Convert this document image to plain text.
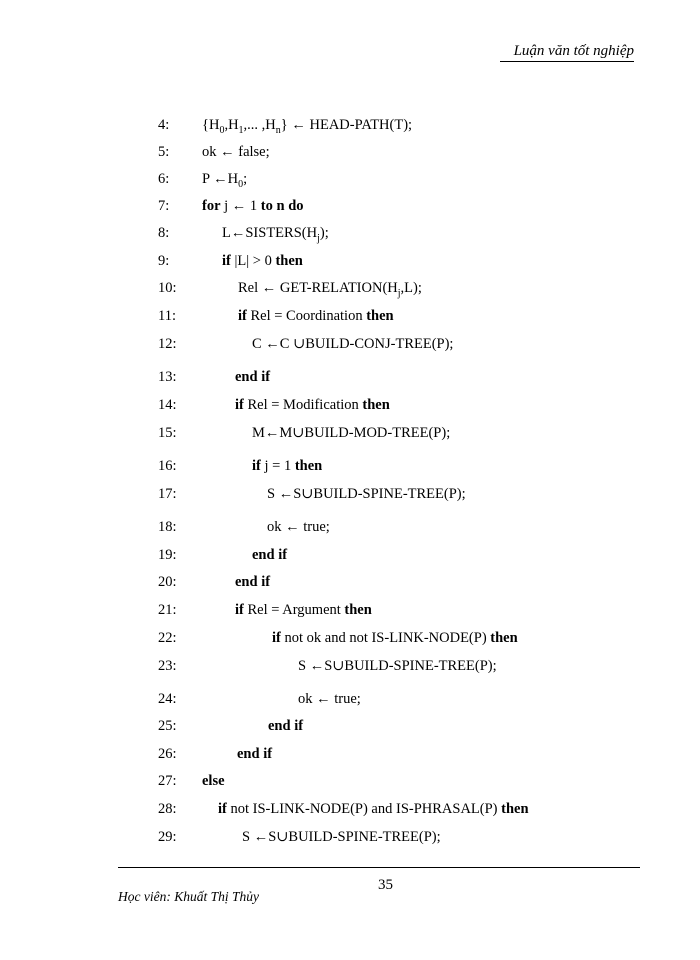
Luận văn tốt nghiệp
4: {$H_0,H_1$,... $,H_n$} ← HEAD-PATH(T);
5: ok ← false;
6: P $\leftarrow H_0$;
7: for j ← 1 to n do
8:	$L\leftarrow SISTERS(H_j)$;
9:	if |L| > 0 then
10:	Rel ← GET-$RELATION(H_j,L)$;
11:	if Rel = Coordination then
12:	C ←C ∪BUILD-CONJ-TREE(P);
13:	end if
14:	if Rel = Modification then
15:	M←M∪BUILD-MOD-TREE(P);
16:	if j = 1 then
17:	S ←S∪BUILD-SPINE-TREE(P);
18:	ok ← true;
19:	end if
20:	end if
21:	if Rel = Argument then
22:	if not ok and not IS-LINK-NODE(P) then
23:	S ←S∪BUILD-SPINE-TREE(P);
24:	ok ← true;
25:	end if
26:	end if
27: else
28:	if not IS-LINK-NODE(P) and IS-PHRASAL(P) then
29:	S ←S∪BUILD-SPINE-TREE(P);
Học viên: Khuất Thị Thủy
35
